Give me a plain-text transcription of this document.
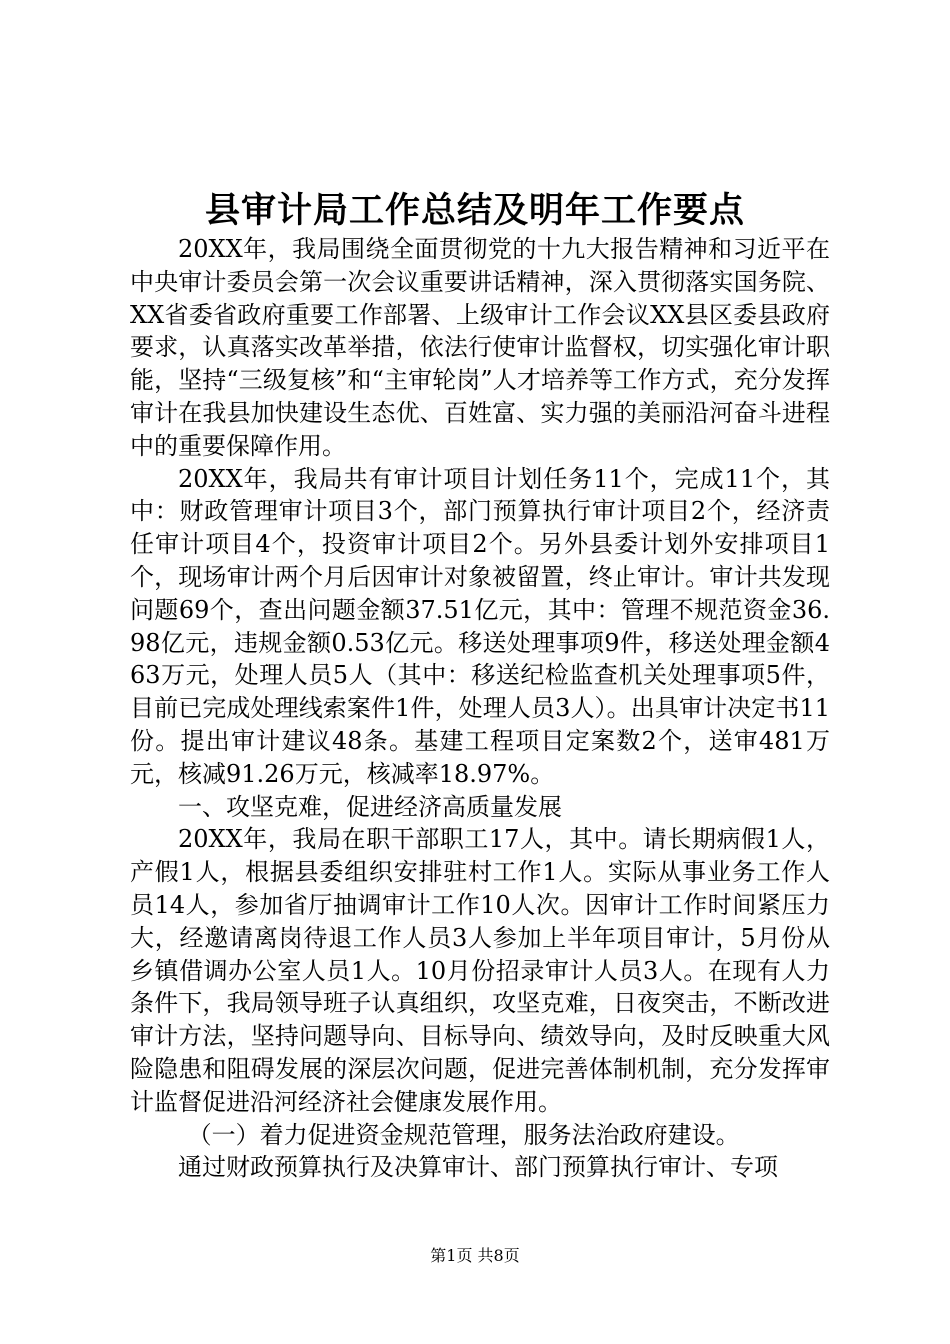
县审计局工作总结及明年工作要点

20XX年，我局围绕全面贯彻党的十九大报告精神和习近平在中央审计委员会第一次会议重要讲话精神，深入贯彻落实国务院、XX省委省政府重要工作部署、上级审计工作会议XX县区委县政府要求，认真落实改革举措，依法行使审计监督权，切实强化审计职能，坚持“三级复核”和“主审轮岗”人才培养等工作方式，充分发挥审计在我县加快建设生态优、百姓富、实力强的美丽沿河奋斗进程中的重要保障作用。

20XX年，我局共有审计项目计划任务11个，完成11个，其中：财政管理审计项目3个，部门预算执行审计项目2个，经济责任审计项目4个，投资审计项目2个。另外县委计划外安排项目1个，现场审计两个月后因审计对象被留置，终止审计。审计共发现问题69个，查出问题金额37.51亿元，其中：管理不规范资金36.98亿元，违规金额0.53亿元。移送处理事项9件，移送处理金额463万元，处理人员5人（其中：移送纪检监查机关处理事项5件，目前已完成处理线索案件1件，处理人员3人）。出具审计决定书11份。提出审计建议48条。基建工程项目定案数2个，送审481万元，核减91.26万元，核减率18.97%。

一、攻坚克难，促进经济高质量发展

20XX年，我局在职干部职工17人，其中。请长期病假1人，产假1人，根据县委组织安排驻村工作1人。实际从事业务工作人员14人，参加省厅抽调审计工作10人次。因审计工作时间紧压力大，经邀请离岗待退工作人员3人参加上半年项目审计，5月份从乡镇借调办公室人员1人。10月份招录审计人员3人。在现有人力条件下，我局领导班子认真组织，攻坚克难，日夜突击，不断改进审计方法，坚持问题导向、目标导向、绩效导向，及时反映重大风险隐患和阻碍发展的深层次问题，促进完善体制机制，充分发挥审计监督促进沿河经济社会健康发展作用。

（一）着力促进资金规范管理，服务法治政府建设。

通过财政预算执行及决算审计、部门预算执行审计、专项

第1页 共8页
